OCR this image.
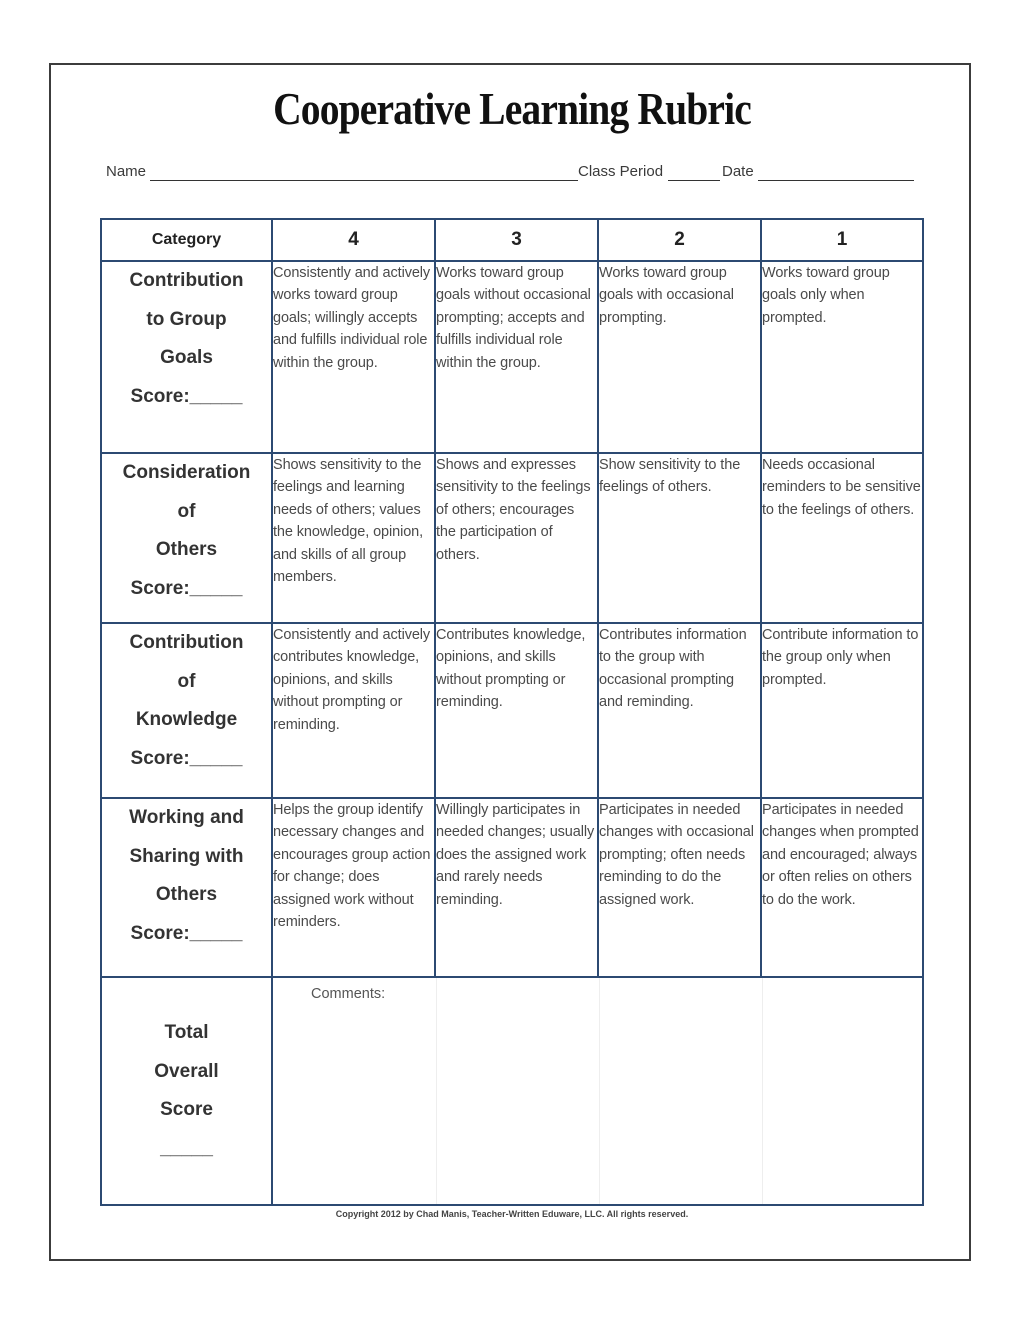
Cooperative Learning Rubric
Name	Class Period	Date
Category	4	3	2	1

Contribution
to Group
Goals
Score:_____	Consistently and actively works toward group goals; willingly accepts and fulfills individual role within the group.	Works toward group goals without occasional prompting; accepts and fulfills individual role within the group.	Works toward group goals with occasional prompting.	Works toward group goals only when prompted.

Consideration
of
Others
Score:_____	Shows sensitivity to the feelings and learning needs of others; values the knowledge, opinion, and skills of all group members.	Shows and expresses sensitivity to the feelings of others; encourages the participation of others.	Show sensitivity to the feelings of others.	Needs occasional reminders to be sensitive to the feelings of others.

Contribution
of
Knowledge
Score:_____	Consistently and actively contributes knowledge, opinions, and skills without prompting or reminding.	Contributes knowledge, opinions, and skills without prompting or reminding.	Contributes information to the group with occasional prompting and reminding.	Contribute information to the group only when prompted.

Working and
Sharing with
Others
Score:_____	Helps the group identify necessary changes and encourages group action for change; does assigned work without reminders.	Willingly participates in needed changes; usually does the assigned work and rarely needs reminding.	Participates in needed changes with occasional prompting; often needs reminding to do the assigned work.	Participates in needed changes when prompted and encouraged; always or often relies on others to do the work.

Total
Overall
Score
_____	Comments:			

Copyright 2012 by Chad Manis, Teacher-Written Eduware, LLC. All rights reserved.
